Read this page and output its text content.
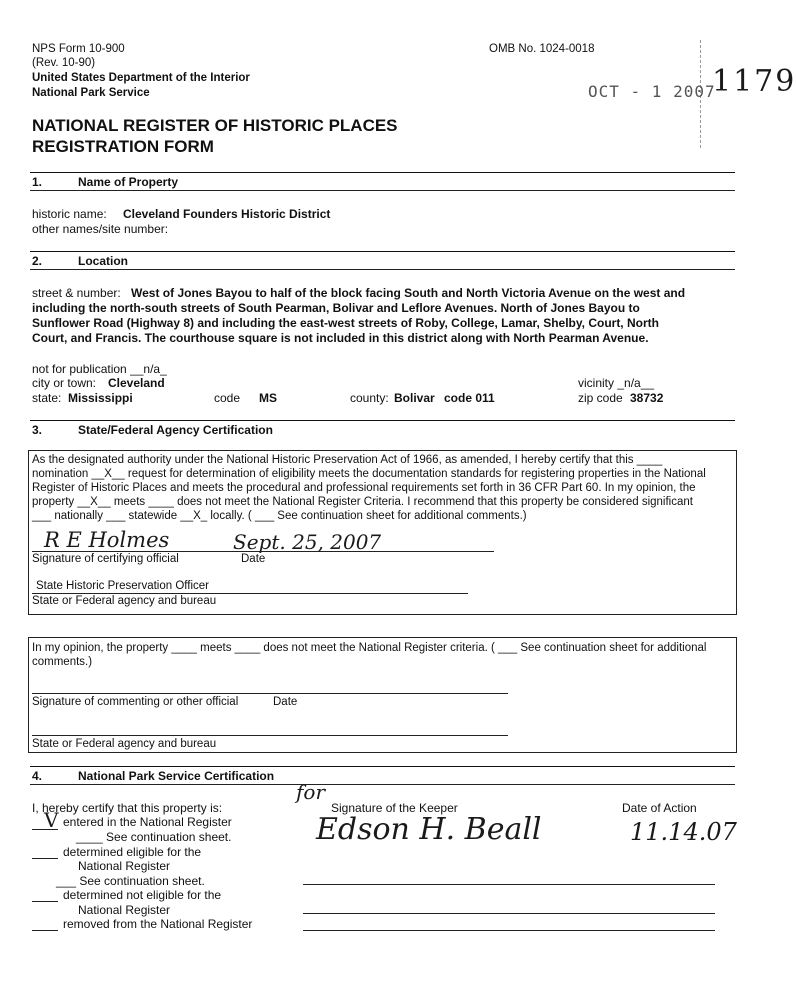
NPS Form 10-900
(Rev. 10-90)
United States Department of the Interior
National Park Service
OMB No. 1024-0018
OCT - 1 2007
1179
NATIONAL REGISTER OF HISTORIC PLACES
REGISTRATION FORM
1.	Name of Property
historic name: Cleveland Founders Historic District
other names/site number:
2.	Location
street & number: West of Jones Bayou to half of the block facing South and North Victoria Avenue on the west and
including the north-south streets of South Pearman, Bolivar and Leflore Avenues. North of Jones Bayou to
Sunflower Road (Highway 8) and including the east-west streets of Roby, College, Lamar, Shelby, Court, North
Court, and Francis. The courthouse square is not included in this district along with North Pearman Avenue.
not for publication __n/a_
city or town: Cleveland	vicinity _n/a__
state: Mississippi	code MS	county: Bolivar code 011	zip code 38732
3.	State/Federal Agency Certification
As the designated authority under the National Historic Preservation Act of 1966, as amended, I hereby certify that this ____
nomination __X__ request for determination of eligibility meets the documentation standards for registering properties in the National
Register of Historic Places and meets the procedural and professional requirements set forth in 36 CFR Part 60. In my opinion, the
property __X__ meets ____ does not meet the National Register Criteria. I recommend that this property be considered significant
___ nationally ___ statewide __X_ locally. ( ___ See continuation sheet for additional comments.)
R E Holmes	Sept. 25, 2007
Signature of certifying official	Date
State Historic Preservation Officer
State or Federal agency and bureau
In my opinion, the property ____ meets ____ does not meet the National Register criteria. ( ___ See continuation sheet for additional
comments.)
Signature of commenting or other official	Date
State or Federal agency and bureau
4.	National Park Service Certification
I, hereby certify that this property is:
V entered in the National Register
____ See continuation sheet.
determined eligible for the
National Register
___ See continuation sheet.
determined not eligible for the
National Register
removed from the National Register
for
Signature of the Keeper	Date of Action
Edson H. Beall	11.14.07
